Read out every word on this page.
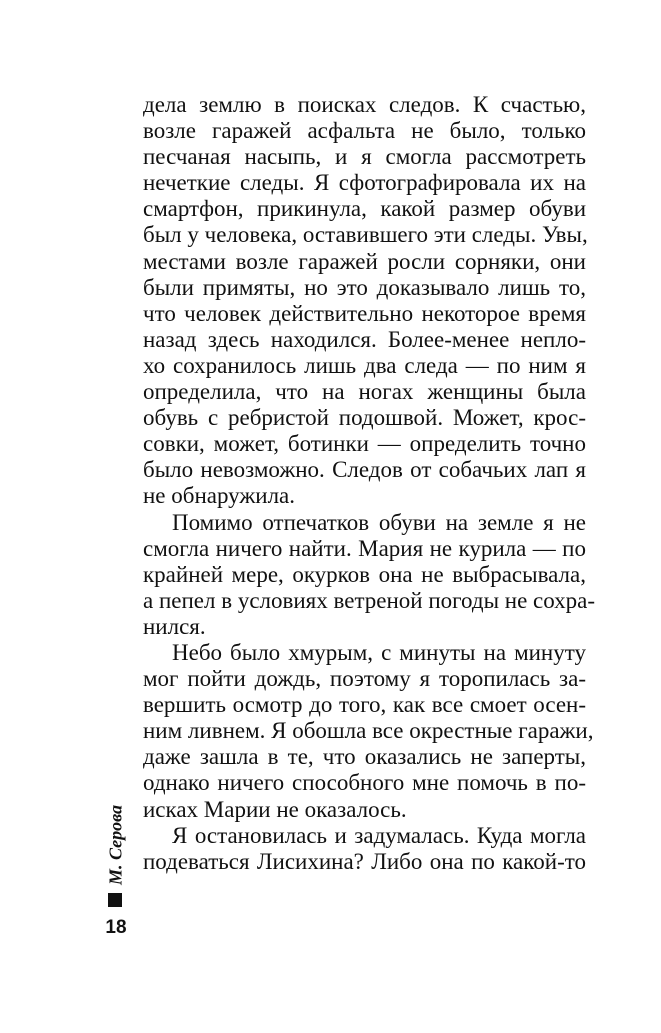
дела землю в поисках следов. К счастью,
возле гаражей асфальта не было, только
песчаная насыпь, и я смогла рассмотреть
нечеткие следы. Я сфотографировала их на
смартфон, прикинула, какой размер обуви
был у человека, оставившего эти следы. Увы,
местами возле гаражей росли сорняки, они
были примяты, но это доказывало лишь то,
что человек действительно некоторое время
назад здесь находился. Более-менее непло-
хо сохранилось лишь два следа — по ним я
определила, что на ногах женщины была
обувь с ребристой подошвой. Может, крос-
совки, может, ботинки — определить точно
было невозможно. Следов от собачьих лап я
не обнаружила.
Помимо отпечатков обуви на земле я не
смогла ничего найти. Мария не курила — по
крайней мере, окурков она не выбрасывала,
а пепел в условиях ветреной погоды не сохра-
нился.
Небо было хмурым, с минуты на минуту
мог пойти дождь, поэтому я торопилась за-
вершить осмотр до того, как все смоет осен-
ним ливнем. Я обошла все окрестные гаражи,
даже зашла в те, что оказались не заперты,
однако ничего способного мне помочь в по-
исках Марии не оказалось.
Я остановилась и задумалась. Куда могла
подеваться Лисихина? Либо она по какой-то
М. Серова
18
